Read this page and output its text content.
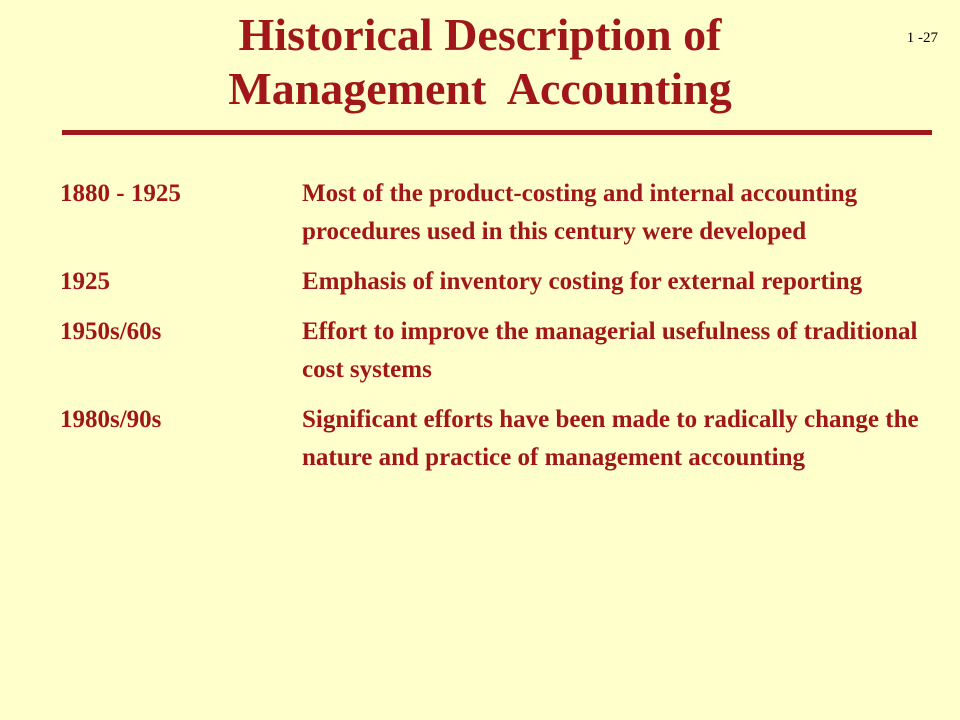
Historical Description of
Management  Accounting
1 -27
1880 - 1925	Most of the product-costing and internal accounting procedures used in this century were developed
1925	Emphasis of inventory costing for external reporting
1950s/60s	Effort to improve the managerial usefulness of traditional cost systems
1980s/90s	Significant efforts have been made to radically change the nature and practice of management accounting
